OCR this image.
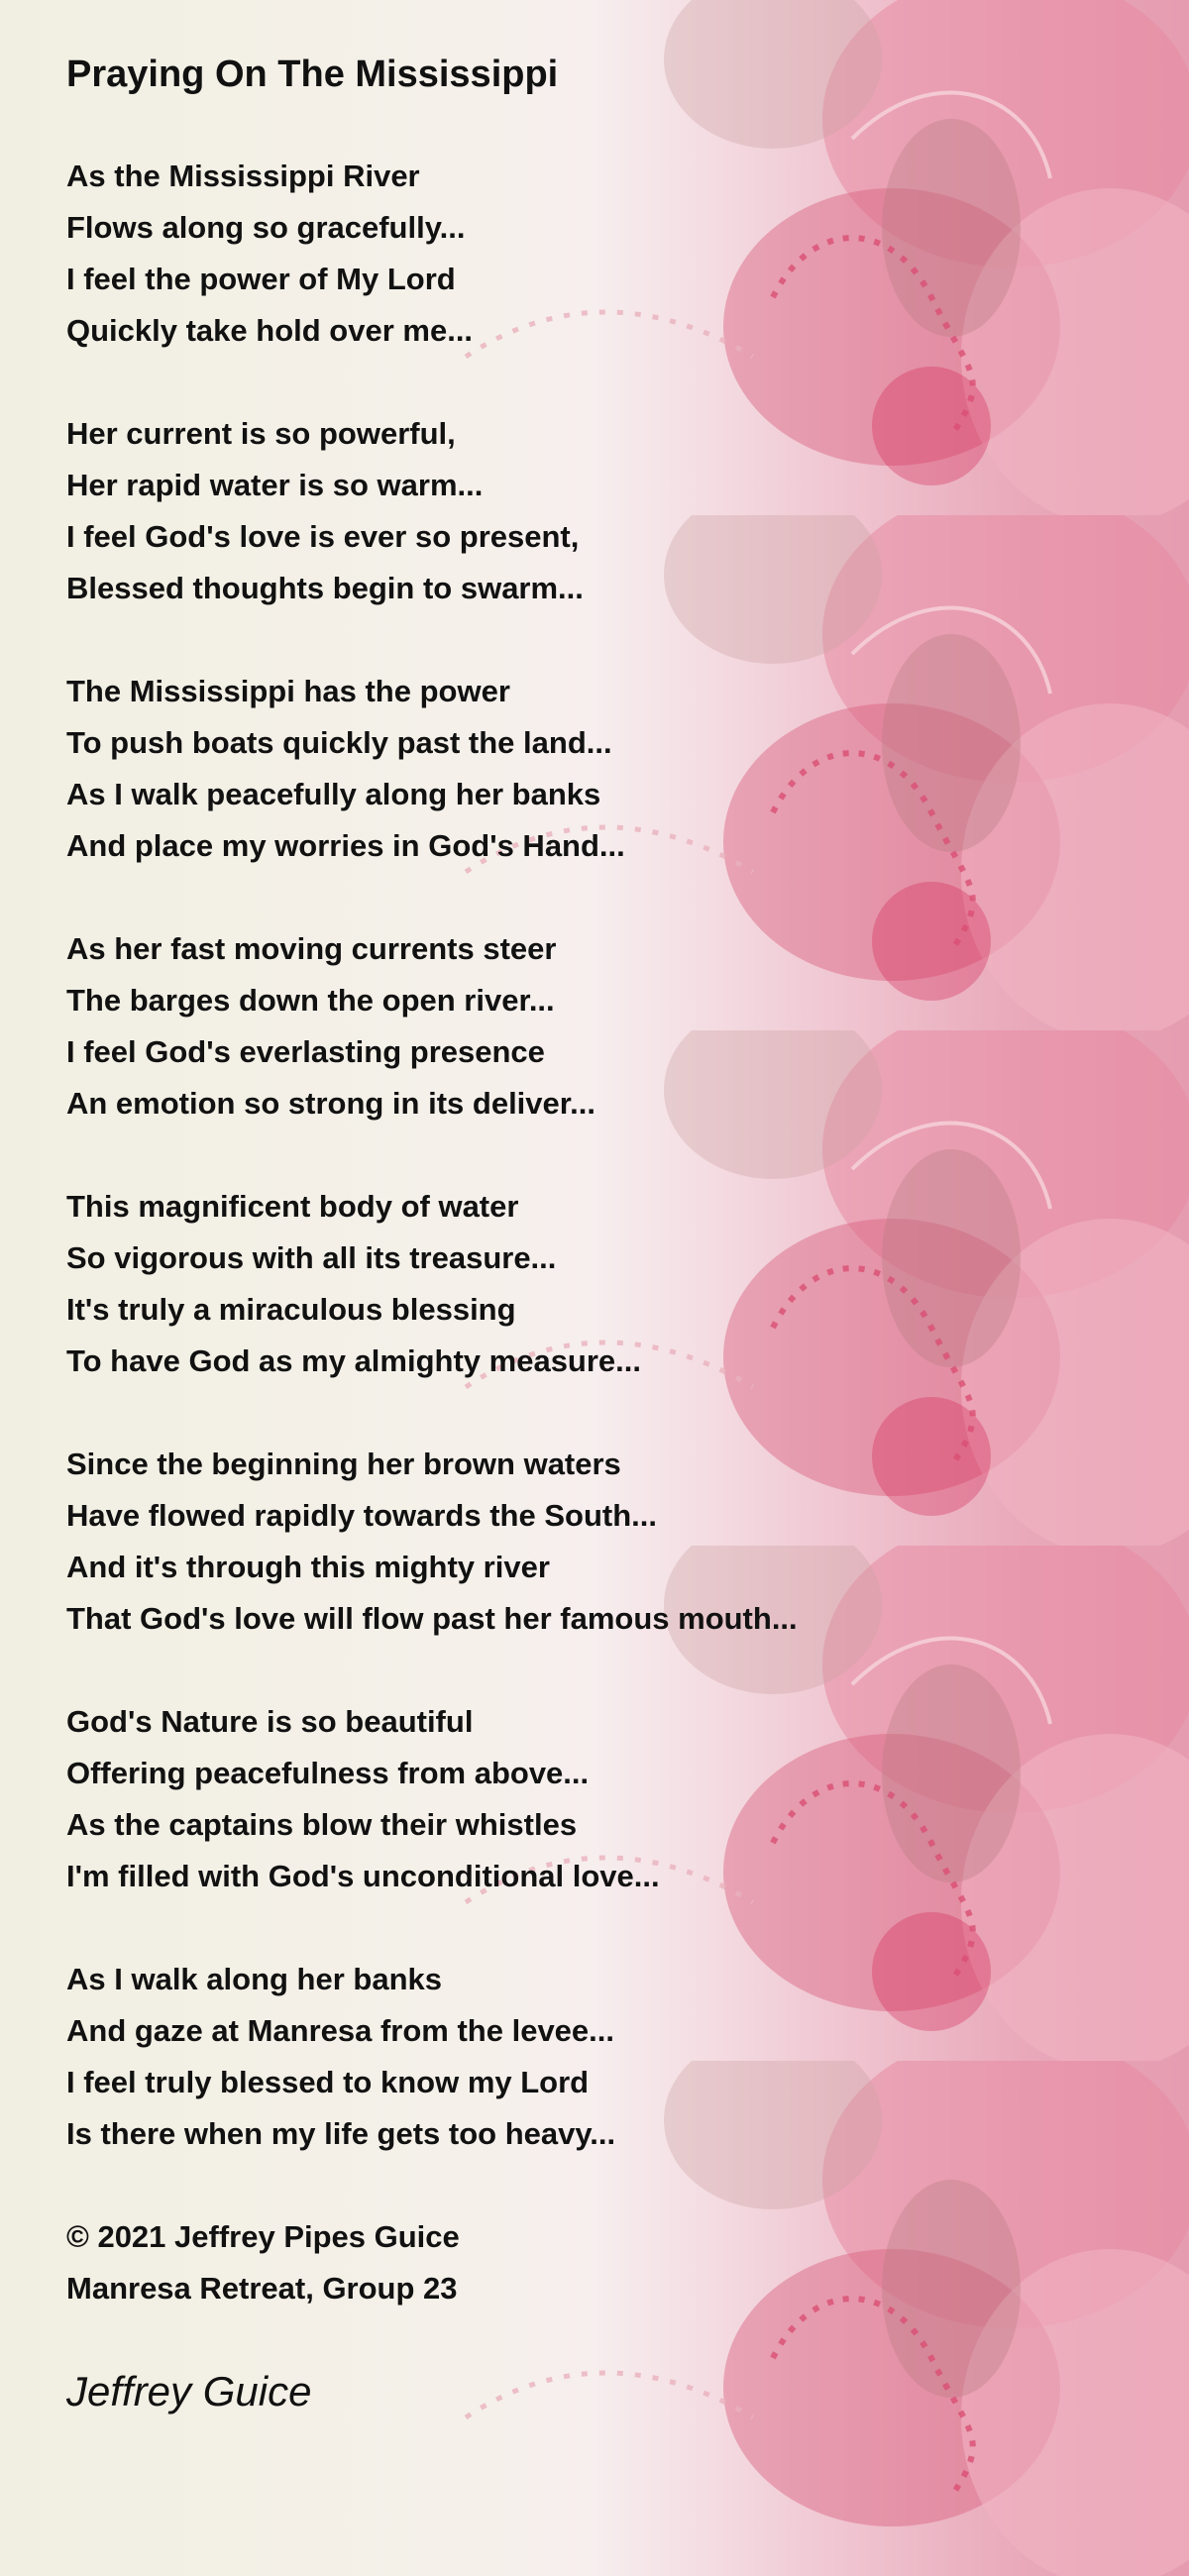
Praying On The Mississippi
As the Mississippi River
Flows along so gracefully...
I feel the power of My Lord
Quickly take hold over me...
Her current is so powerful,
Her rapid water is so warm...
I feel God's love is ever so present,
Blessed thoughts begin to swarm...
The Mississippi has the power
To push boats quickly past the land...
As I walk peacefully along her banks
And place my worries in God's Hand...
As her fast moving currents steer
The barges down the open river...
I feel God's everlasting presence
An emotion so strong in its deliver...
This magnificent body of water
So vigorous with all its treasure...
It's truly a miraculous blessing
To have God as my almighty measure...
Since the beginning her brown waters
Have flowed rapidly towards the South...
And it's through this mighty river
That God's love will flow past her famous mouth...
God's Nature is so beautiful
Offering peacefulness from above...
As the captains blow their whistles
I'm filled with God's unconditional love...
As I walk along her banks
And gaze at Manresa from the levee...
I feel truly blessed to know my Lord
Is there when my life gets too heavy...
© 2021 Jeffrey Pipes Guice
Manresa Retreat, Group 23
Jeffrey Guice
